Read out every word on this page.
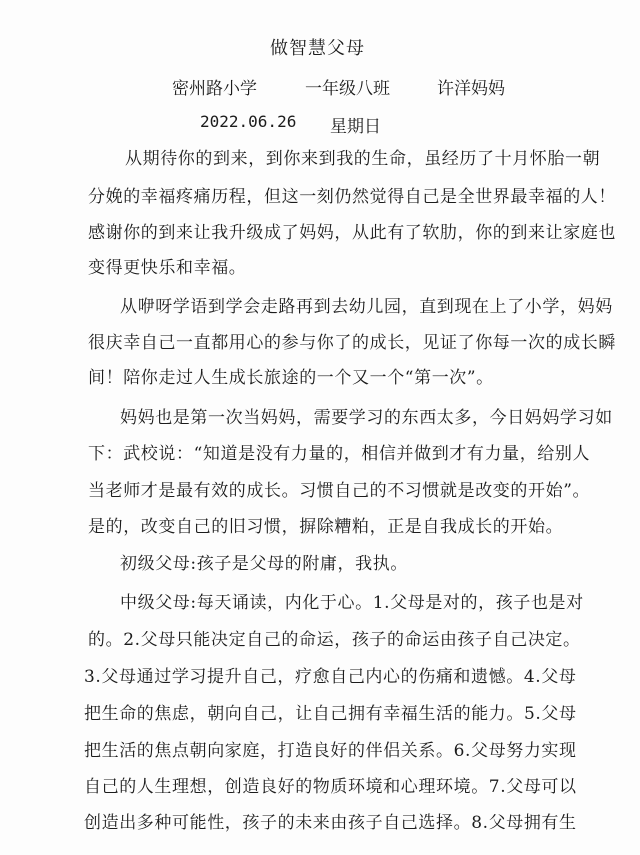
做智慧父母
密州路小学	一年级八班	许洋妈妈
2022.06.26 星期日
从期待你的到来，到你来到我的生命，虽经历了十月怀胎一朝
分娩的幸福疼痛历程，但这一刻仍然觉得自己是全世界最幸福的人！
感谢你的到来让我升级成了妈妈，从此有了软肋，你的到来让家庭也
变得更快乐和幸福。
从咿呀学语到学会走路再到去幼儿园，直到现在上了小学，妈妈
很庆幸自己一直都用心的参与你了的成长，见证了你每一次的成长瞬
间！陪你走过人生成长旅途的一个又一个“第一次”。
妈妈也是第一次当妈妈，需要学习的东西太多，今日妈妈学习如
下：武校说：“知道是没有力量的，相信并做到才有力量，给别人
当老师才是最有效的成长。习惯自己的不习惯就是改变的开始”。
是的，改变自己的旧习惯，摒除糟粕，正是自我成长的开始。
初级父母:孩子是父母的附庸，我执。
中级父母:每天诵读，内化于心。1.父母是对的，孩子也是对
的。2.父母只能决定自己的命运，孩子的命运由孩子自己决定。
3.父母通过学习提升自己，疗愈自己内心的伤痛和遗憾。4.父母
把生命的焦虑，朝向自己，让自己拥有幸福生活的能力。5.父母
把生活的焦点朝向家庭，打造良好的伴侣关系。6.父母努力实现
自己的人生理想，创造良好的物质环境和心理环境。7.父母可以
创造出多种可能性，孩子的未来由孩子自己选择。8.父母拥有生
